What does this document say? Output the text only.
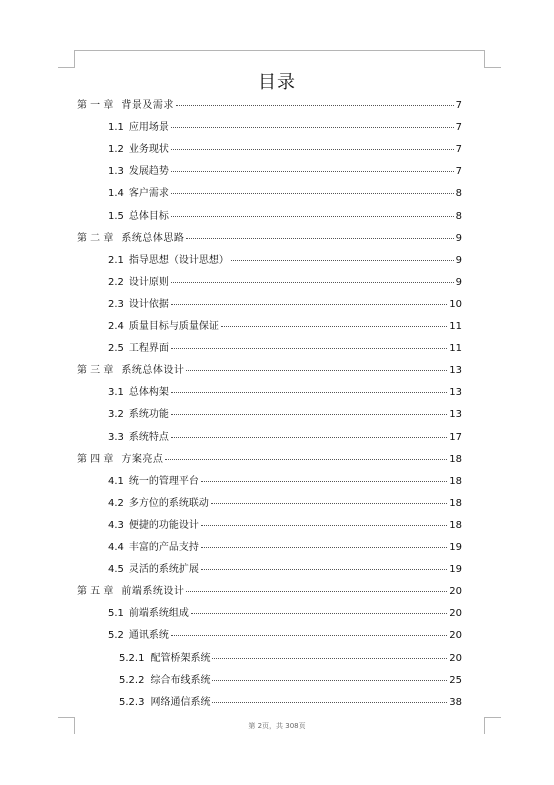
目录
第 一 章 背景及需求	7
1.1 应用场景	7
1.2 业务现状	7
1.3 发展趋势	7
1.4 客户需求	8
1.5 总体目标	8
第 二 章 系统总体思路	9
2.1 指导思想（设计思想）	9
2.2 设计原则	9
2.3 设计依据	10
2.4 质量目标与质量保证	11
2.5 工程界面	11
第 三 章 系统总体设计	13
3.1 总体构架	13
3.2 系统功能	13
3.3 系统特点	17
第 四 章 方案亮点	18
4.1 统一的管理平台	18
4.2 多方位的系统联动	18
4.3 便捷的功能设计	18
4.4 丰富的产品支持	19
4.5 灵活的系统扩展	19
第 五 章 前端系统设计	20
5.1 前端系统组成	20
5.2 通讯系统	20
5.2.1 配管桥架系统	20
5.2.2 综合布线系统	25
5.2.3 网络通信系统	38
第 2页，共 308页
